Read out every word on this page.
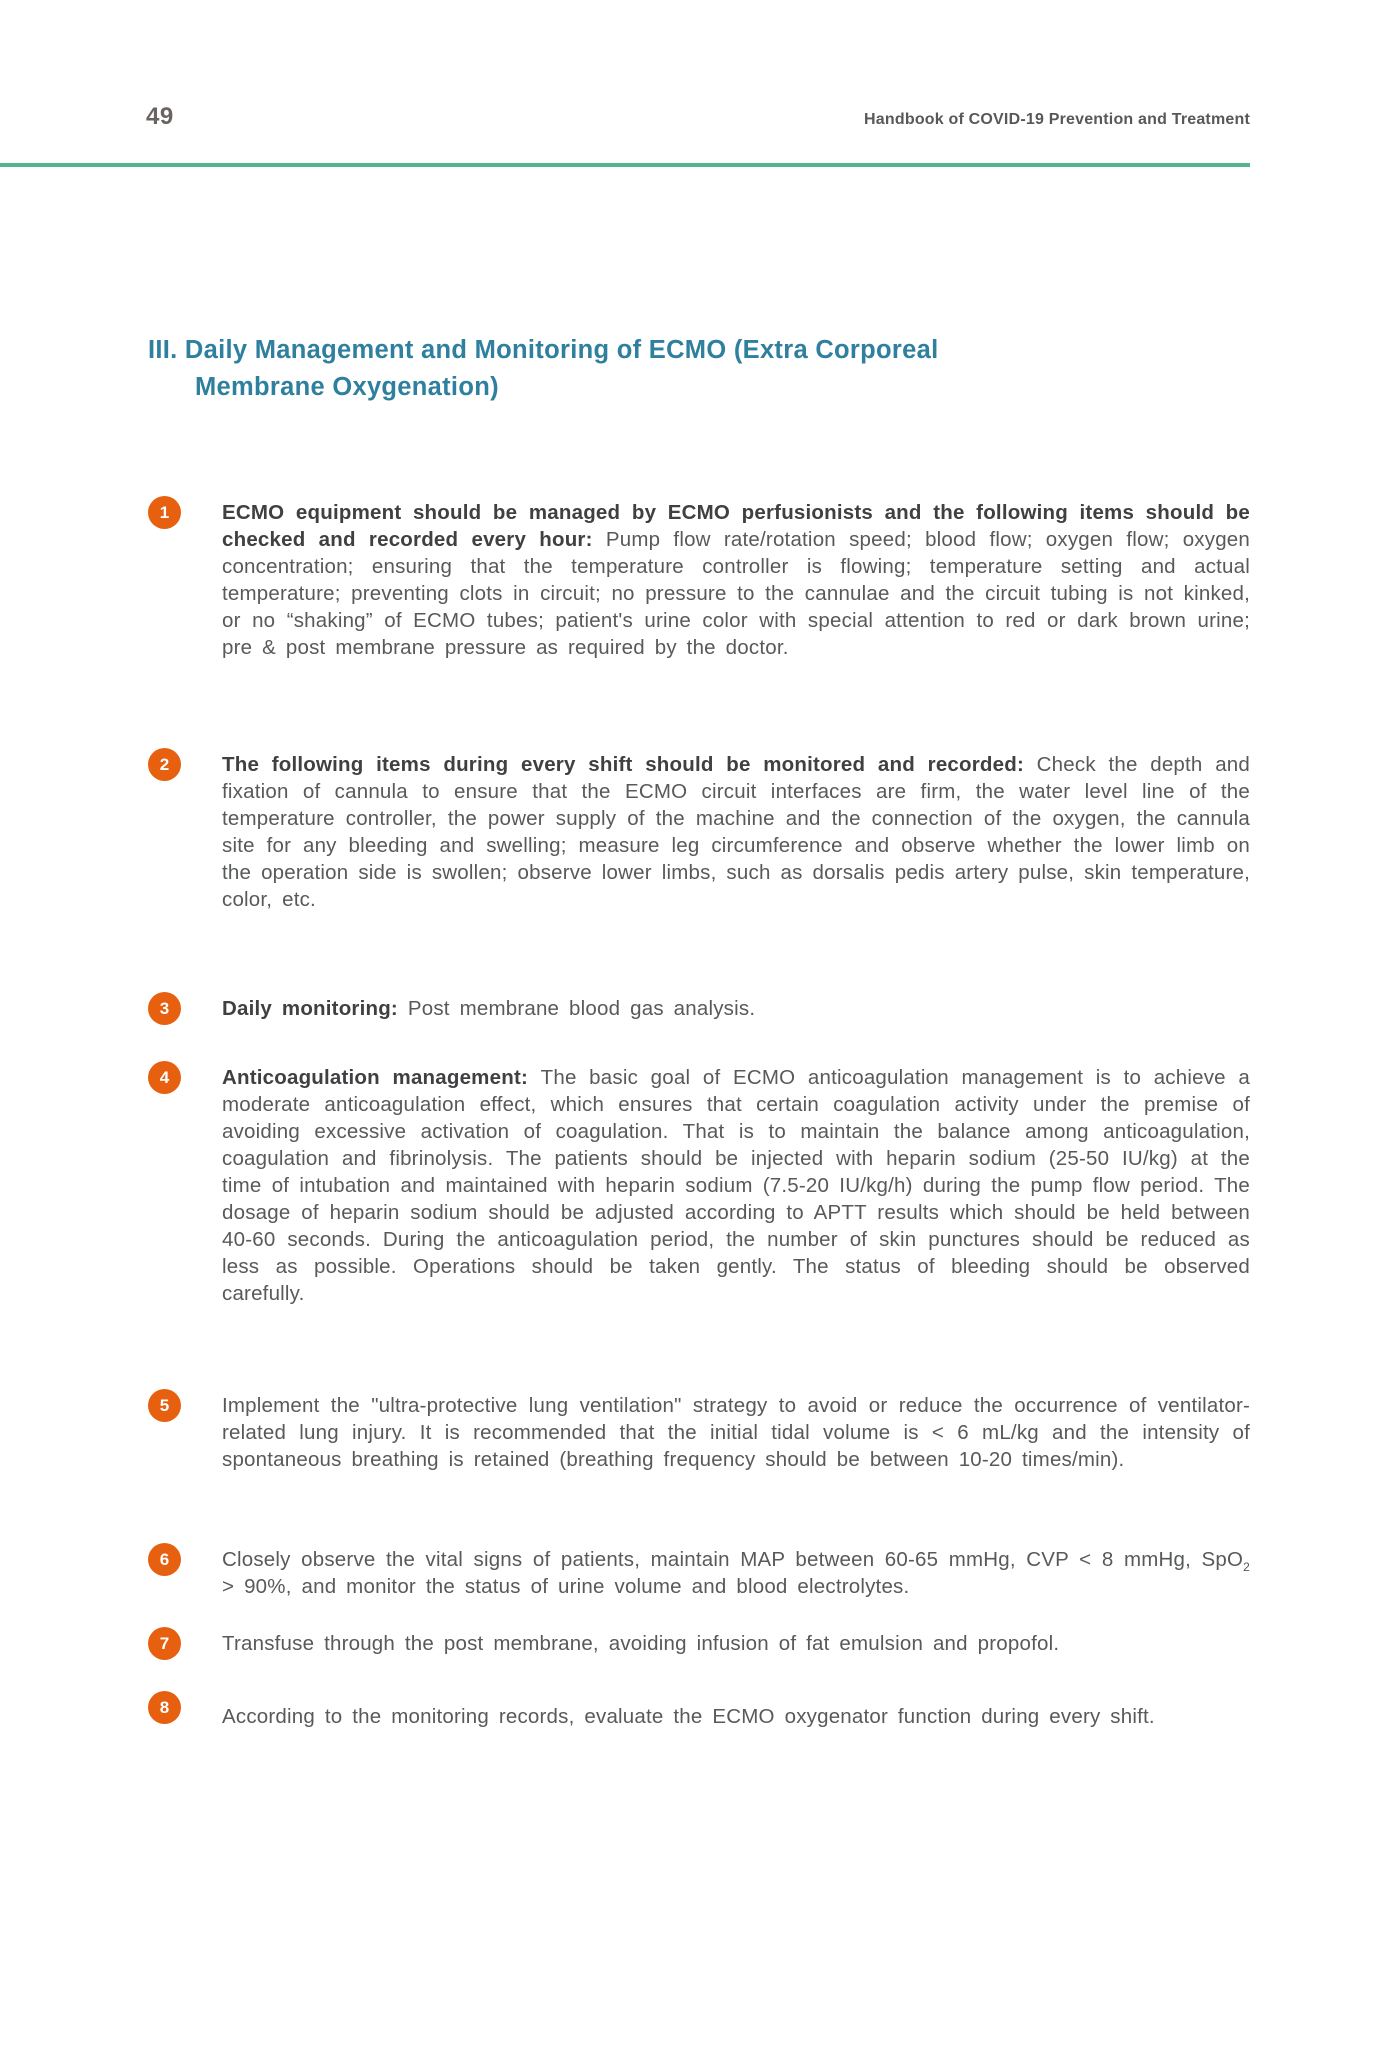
49	Handbook of COVID-19 Prevention and Treatment
III. Daily Management and Monitoring of ECMO (Extra Corporeal
Membrane Oxygenation)
1	ECMO equipment should be managed by ECMO perfusionists and the following items should be checked and recorded every hour: Pump flow rate/rotation speed; blood flow; oxygen flow; oxygen concentration; ensuring that the temperature controller is flowing; temperature setting and actual temperature; preventing clots in circuit; no pressure to the cannulae and the circuit tubing is not kinked, or no “shaking” of ECMO tubes; patient's urine color with special attention to red or dark brown urine; pre & post membrane pressure as required by the doctor.

2	The following items during every shift should be monitored and recorded: Check the depth and fixation of cannula to ensure that the ECMO circuit interfaces are firm, the water level line of the temperature controller, the power supply of the machine and the connection of the oxygen, the cannula site for any bleeding and swelling; measure leg circumference and observe whether the lower limb on the operation side is swollen; observe lower limbs, such as dorsalis pedis artery pulse, skin temperature, color, etc.

3	Daily monitoring: Post membrane blood gas analysis.

4	Anticoagulation management: The basic goal of ECMO anticoagulation management is to achieve a moderate anticoagulation effect, which ensures that certain coagulation activity under the premise of avoiding excessive activation of coagulation. That is to maintain the balance among anticoagulation, coagulation and fibrinolysis. The patients should be injected with heparin sodium (25-50 IU/kg) at the time of intubation and maintained with heparin sodium (7.5-20 IU/kg/h) during the pump flow period. The dosage of heparin sodium should be adjusted according to APTT results which should be held between 40-60 seconds. During the anticoagulation period, the number of skin punctures should be reduced as less as possible. Operations should be taken gently. The status of bleeding should be observed carefully.

5	Implement the "ultra-protective lung ventilation" strategy to avoid or reduce the occurrence of ventilator-related lung injury. It is recommended that the initial tidal volume is < 6 mL/kg and the intensity of spontaneous breathing is retained (breathing frequency should be between 10-20 times/min).

6	Closely observe the vital signs of patients, maintain MAP between 60-65 mmHg, CVP < 8 mmHg, SpO$_2$ > 90%, and monitor the status of urine volume and blood electrolytes.

7	Transfuse through the post membrane, avoiding infusion of fat emulsion and propofol.

8	According to the monitoring records, evaluate the ECMO oxygenator function during every shift.
